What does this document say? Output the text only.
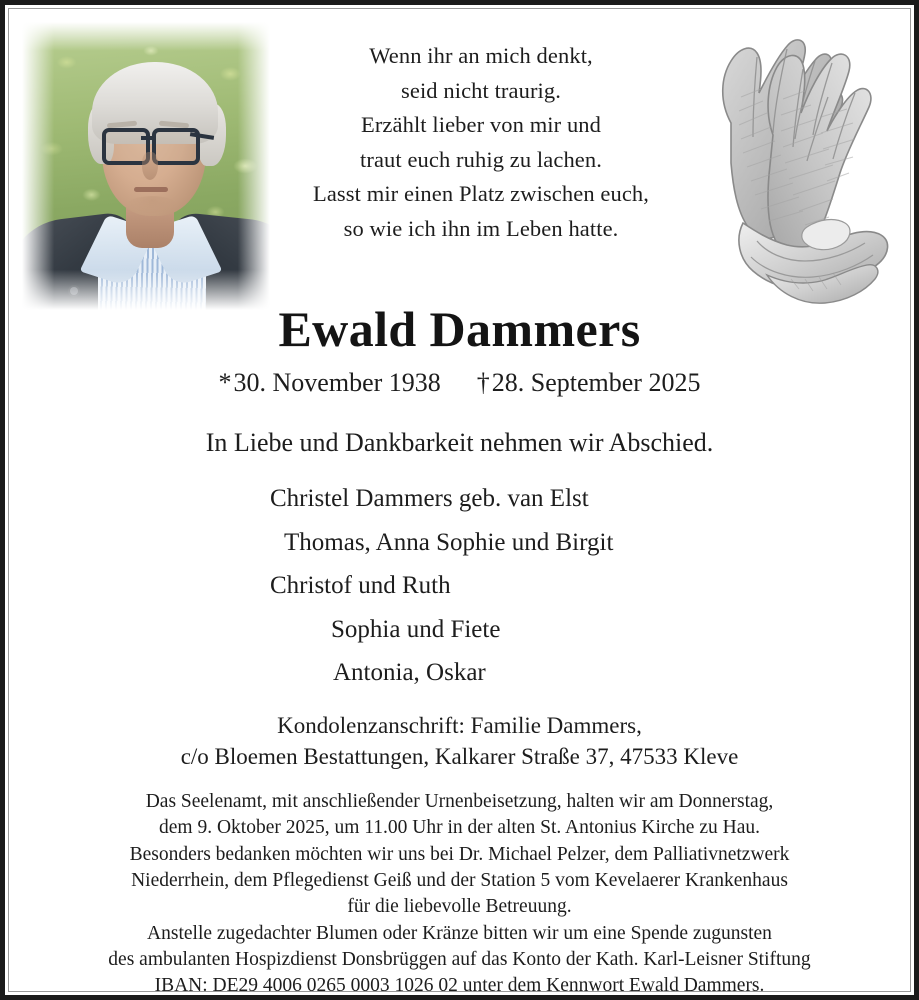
Wenn ihr an mich denkt,
seid nicht traurig.
Erzählt lieber von mir und
traut euch ruhig zu lachen.
Lasst mir einen Platz zwischen euch,
so wie ich ihn im Leben hatte.
Ewald Dammers
*30. November 1938 †28. September 2025
In Liebe und Dankbarkeit nehmen wir Abschied.
Christel Dammers geb. van Elst
Thomas, Anna Sophie und Birgit
Christof und Ruth
Sophia und Fiete
Antonia, Oskar
Kondolenzanschrift: Familie Dammers,
c/o Bloemen Bestattungen, Kalkarer Straße 37, 47533 Kleve
Das Seelenamt, mit anschließender Urnenbeisetzung, halten wir am Donnerstag,
dem 9. Oktober 2025, um 11.00 Uhr in der alten St. Antonius Kirche zu Hau.
Besonders bedanken möchten wir uns bei Dr. Michael Pelzer, dem Palliativnetzwerk
Niederrhein, dem Pflegedienst Geiß und der Station 5 vom Kevelaerer Krankenhaus
für die liebevolle Betreuung.
Anstelle zugedachter Blumen oder Kränze bitten wir um eine Spende zugunsten
des ambulanten Hospizdienst Donsbrüggen auf das Konto der Kath. Karl-Leisner Stiftung
IBAN: DE29 4006 0265 0003 1026 02 unter dem Kennwort Ewald Dammers.
